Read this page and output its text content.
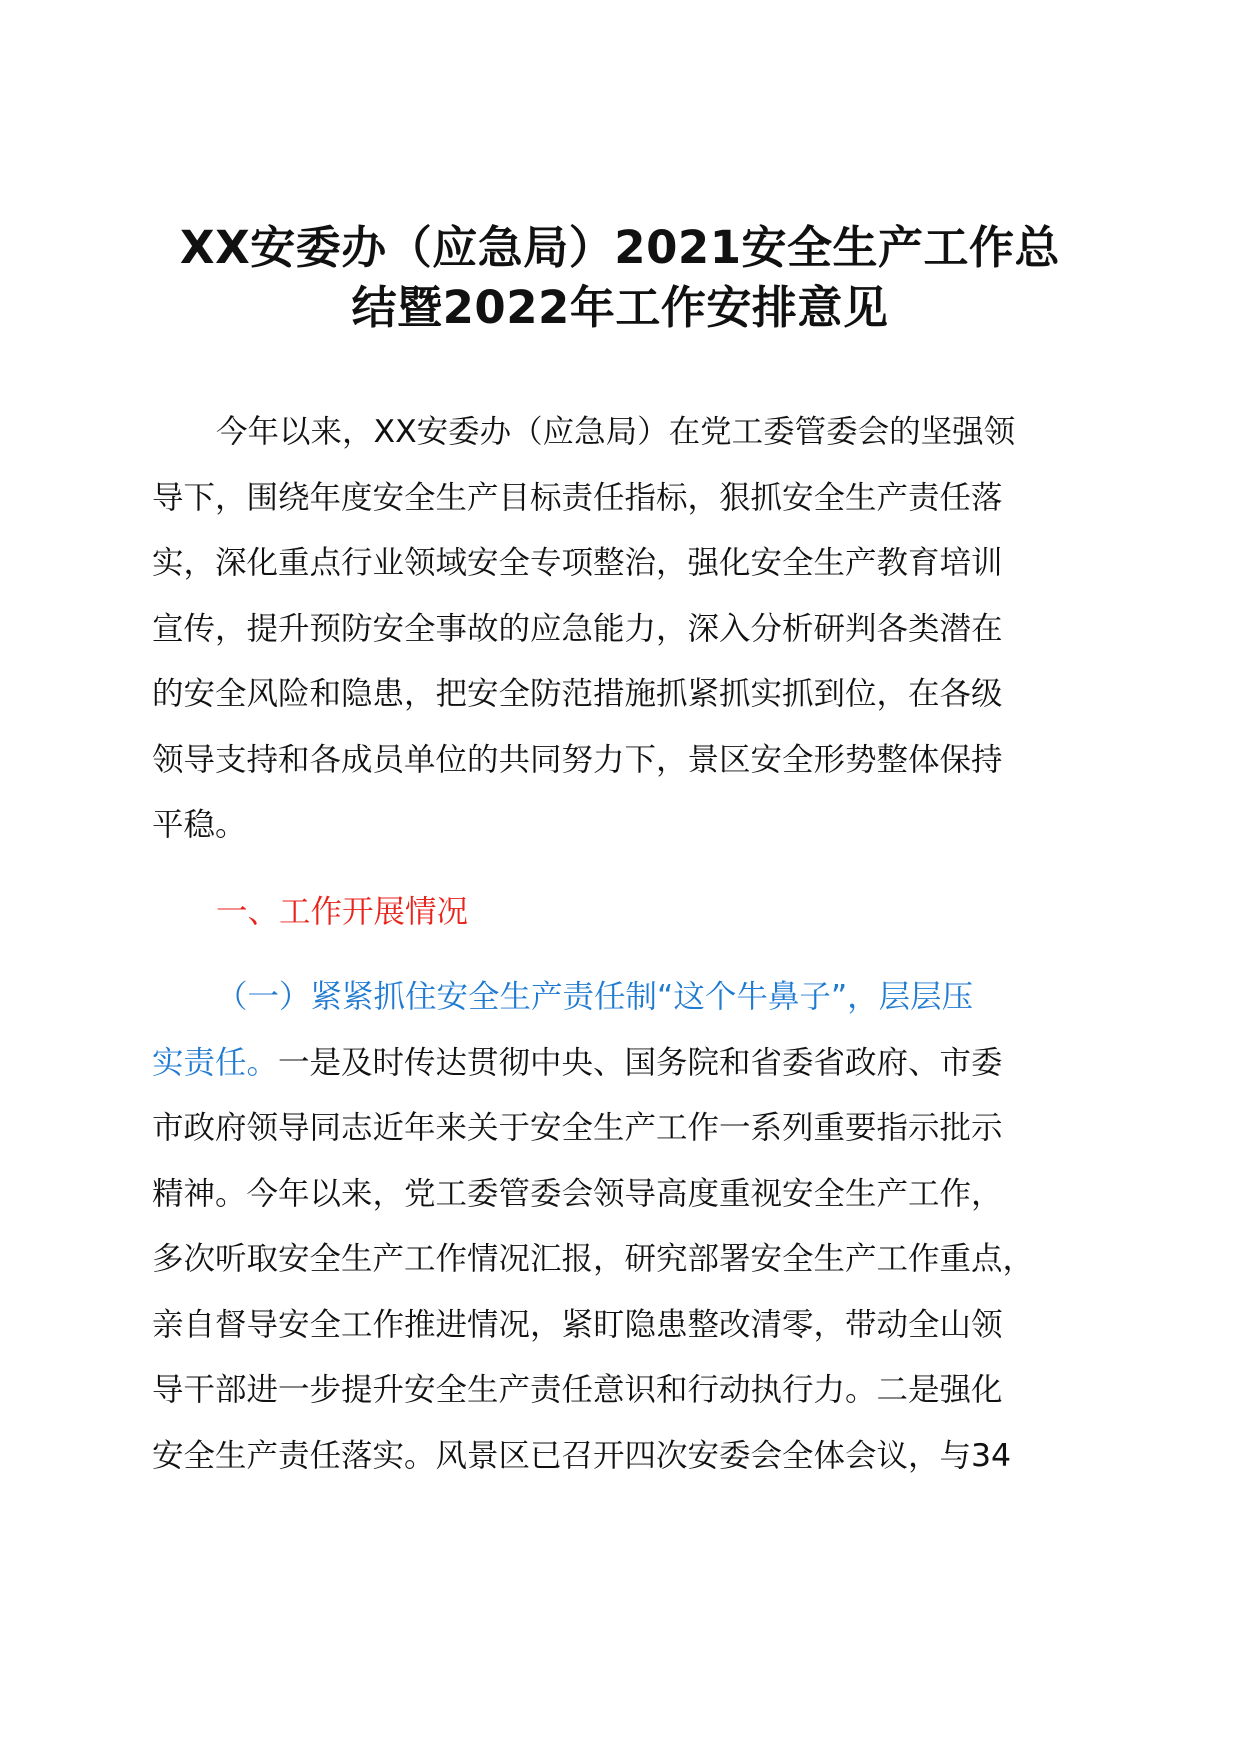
XX安委办（应急局）2021安全生产工作总
结暨2022年工作安排意见

今年以来，XX安委办（应急局）在党工委管委会的坚强领
导下，围绕年度安全生产目标责任指标，狠抓安全生产责任落
实，深化重点行业领域安全专项整治，强化安全生产教育培训
宣传，提升预防安全事故的应急能力，深入分析研判各类潜在
的安全风险和隐患，把安全防范措施抓紧抓实抓到位，在各级
领导支持和各成员单位的共同努力下，景区安全形势整体保持
平稳。

一、工作开展情况

（一）紧紧抓住安全生产责任制“这个牛鼻子”，层层压
实责任。一是及时传达贯彻中央、国务院和省委省政府、市委
市政府领导同志近年来关于安全生产工作一系列重要指示批示
精神。今年以来，党工委管委会领导高度重视安全生产工作，
多次听取安全生产工作情况汇报，研究部署安全生产工作重点，
亲自督导安全工作推进情况，紧盯隐患整改清零，带动全山领
导干部进一步提升安全生产责任意识和行动执行力。二是强化
安全生产责任落实。风景区已召开四次安委会全体会议，与34
